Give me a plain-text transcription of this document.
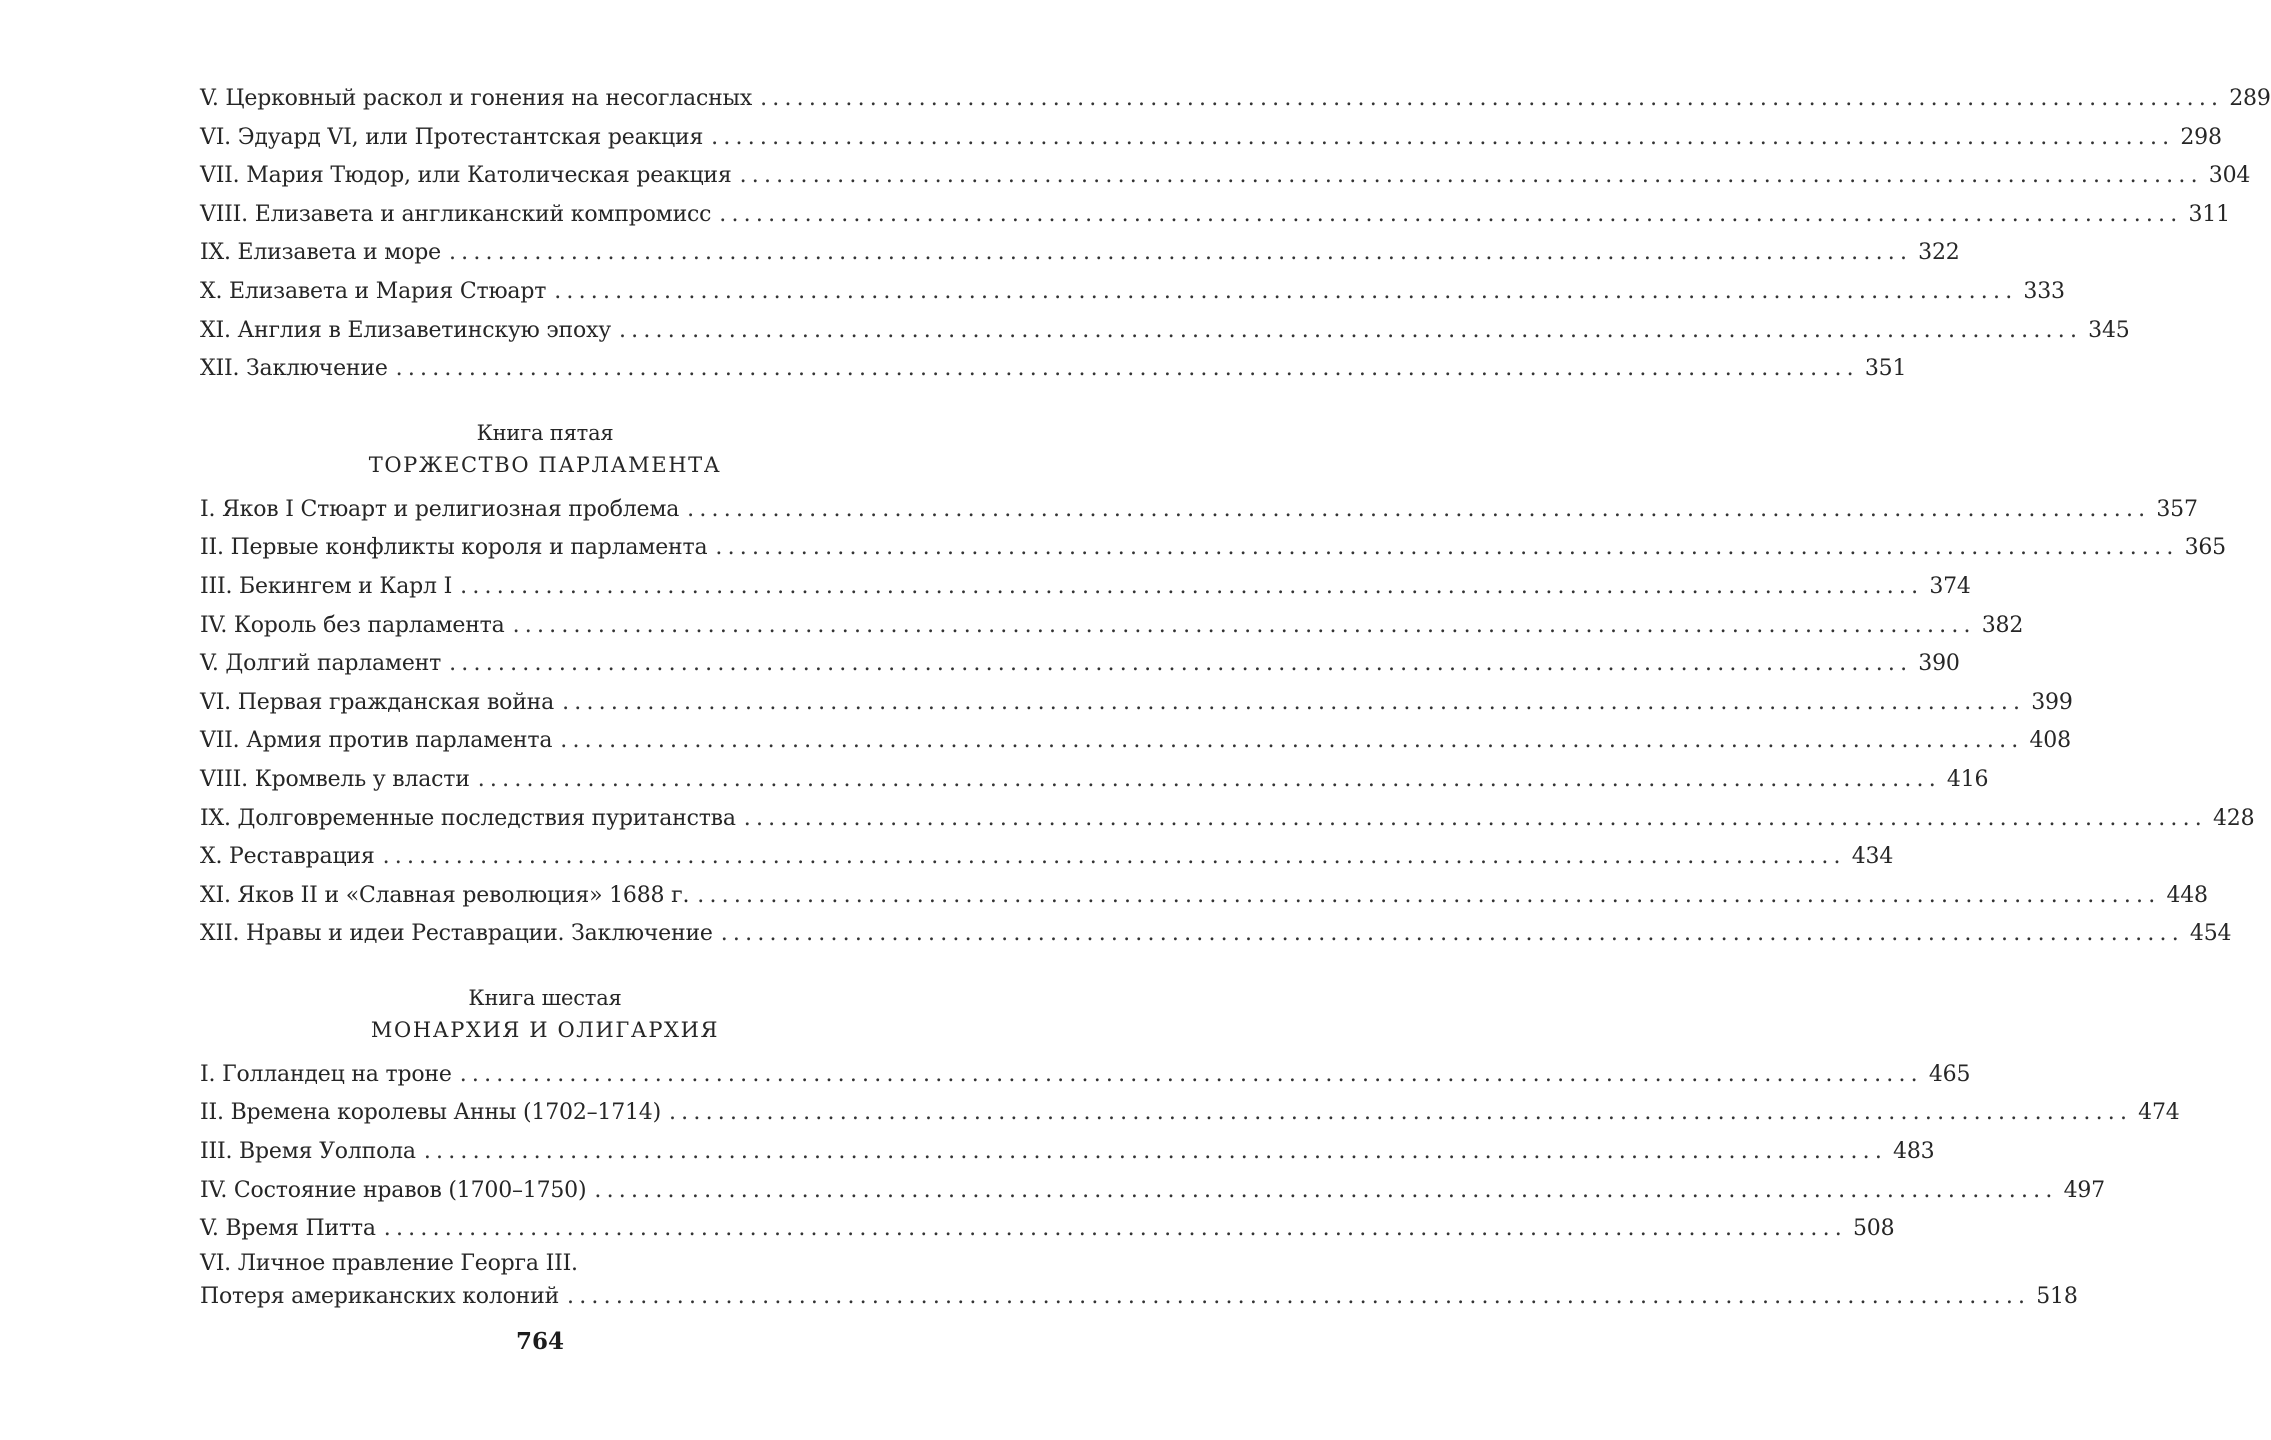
V. Церковный раскол и гонения на несогласных ........................................................................................................................ 289
VI. Эдуард VI, или Протестантская реакция ........................................................................................................................ 298
VII. Мария Тюдор, или Католическая реакция ........................................................................................................................ 304
VIII. Елизавета и англиканский компромисс ........................................................................................................................ 311
IX. Елизавета и море ........................................................................................................................ 322
X. Елизавета и Мария Стюарт ........................................................................................................................ 333
XI. Англия в Елизаветинскую эпоху ........................................................................................................................ 345
XII. Заключение ........................................................................................................................ 351
Книга пятая
ТОРЖЕСТВО ПАРЛАМЕНТА
I. Яков I Стюарт и религиозная проблема ........................................................................................................................ 357
II. Первые конфликты короля и парламента ........................................................................................................................ 365
III. Бекингем и Карл I ........................................................................................................................ 374
IV. Король без парламента ........................................................................................................................ 382
V. Долгий парламент ........................................................................................................................ 390
VI. Первая гражданская война ........................................................................................................................ 399
VII. Армия против парламента ........................................................................................................................ 408
VIII. Кромвель у власти ........................................................................................................................ 416
IX. Долговременные последствия пуританства ........................................................................................................................ 428
X. Реставрация ........................................................................................................................ 434
XI. Яков II и «Славная революция» 1688 г. ........................................................................................................................ 448
XII. Нравы и идеи Реставрации. Заключение ........................................................................................................................ 454
Книга шестая
МОНАРХИЯ И ОЛИГАРХИЯ
I. Голландец на троне ........................................................................................................................ 465
II. Времена королевы Анны (1702–1714) ........................................................................................................................ 474
III. Время Уолпола ........................................................................................................................ 483
IV. Состояние нравов (1700–1750) ........................................................................................................................ 497
V. Время Питта ........................................................................................................................ 508
VI. Личное правление Георга III.
Потеря американских колоний ........................................................................................................................ 518
764
